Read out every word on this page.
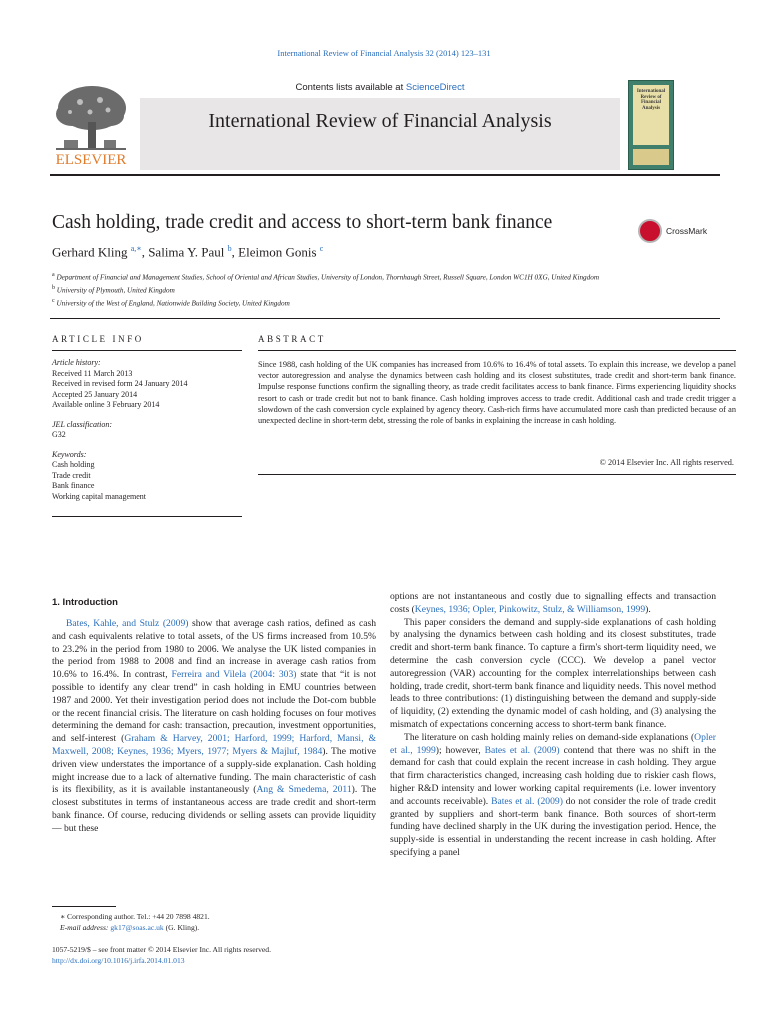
International Review of Financial Analysis 32 (2014) 123–131
ELSEVIER
Contents lists available at ScienceDirect
International Review of Financial Analysis
International Review of Financial Analysis
Cash holding, trade credit and access to short-term bank finance	CrossMark
Gerhard Kling $^{a,∗}$, Salima Y. Paul $^b$, Eleimon Gonis $^c$
$^a$ Department of Financial and Management Studies, School of Oriental and African Studies, University of London, Thornhaugh Street, Russell Square, London WC1H 0XG, United Kingdom
$^b$ University of Plymouth, United Kingdom
$^c$ University of the West of England, Nationwide Building Society, United Kingdom
ARTICLE INFO	ABSTRACT
Article history:
Received 11 March 2013
Received in revised form 24 January 2014
Accepted 25 January 2014
Available online 3 February 2014
JEL classification:
G32
Keywords:
Cash holding
Trade credit
Bank finance
Working capital management
Since 1988, cash holding of the UK companies has increased from 10.6% to 16.4% of total assets. To explain this increase, we develop a panel vector autoregression and analyse the dynamics between cash holding and its closest substitutes, trade credit and short-term bank finance. Impulse response functions confirm the signalling theory, as trade credit facilitates access to bank finance. Firms experiencing liquidity shocks resort to cash or trade credit but not to bank finance. Cash holding improves access to trade credit. Additional cash and trade credit trigger a slowdown of the cash conversion cycle explained by agency theory. Cash-rich firms have accumulated more cash than predicted because of an unexpected decline in short-term debt, stressing the role of banks in explaining the increase in cash holding.
© 2014 Elsevier Inc. All rights reserved.
1. Introduction

Bates, Kahle, and Stulz (2009) show that average cash ratios, defined as cash and cash equivalents relative to total assets, of the US firms increased from 10.5% to 23.2% in the period from 1980 to 2006. We analyse the UK listed companies in the period from 1988 to 2008 and find an increase in average cash ratios from 10.6% to 16.4%. In contrast, Ferreira and Vilela (2004: 303) state that “it is not possible to identify any clear trend” in cash holding in EMU countries between 1987 and 2000. Yet their investigation period does not include the Dot-com bubble or the recent financial crisis. The literature on cash holding focuses on four motives determining the demand for cash: transaction, precaution, investment opportunities, and self-interest (Graham & Harvey, 2001; Harford, 1999; Harford, Mansi, & Maxwell, 2008; Keynes, 1936; Myers, 1977; Myers & Majluf, 1984). The motive driven view understates the importance of a supply-side explanation. Cash holding might increase due to a lack of alternative funding. The main characteristic of cash is its flexibility, as it is available instantaneously (Ang & Smedema, 2011). The closest substitutes in terms of instantaneous access are trade credit and short-term bank finance. Of course, reducing dividends or selling assets can provide liquidity — but these

options are not instantaneous and costly due to signalling effects and transaction costs (Keynes, 1936; Opler, Pinkowitz, Stulz, & Williamson, 1999).

This paper considers the demand and supply-side explanations of cash holding by analysing the dynamics between cash holding and its closest substitutes, trade credit and short-term bank finance. To capture a firm's short-term liquidity need, we determine the cash conversion cycle (CCC). We develop a panel vector autoregression (VAR) accounting for the complex interrelationships between cash holding, trade credit, short-term bank finance and liquidity needs. This novel method leads to three contributions: (1) distinguishing between the demand and supply-side of liquidity, (2) extending the dynamic model of cash holding, and (3) analysing the mismatch of expectations concerning access to short-term bank finance.

The literature on cash holding mainly relies on demand-side explanations (Opler et al., 1999); however, Bates et al. (2009) contend that there was no shift in the demand for cash that could explain the recent increase in cash holding. They argue that firm characteristics changed, increasing cash holding due to riskier cash flows, higher R&D intensity and lower working capital requirements (i.e. lower inventory and accounts receivable). Bates et al. (2009) do not consider the role of trade credit granted by suppliers and short-term bank finance. Both sources of short-term funding have declined sharply in the UK during the investigation period. Hence, the supply-side is essential in understanding the recent increase in cash holding. After specifying a panel

∗ Corresponding author. Tel.: +44 20 7898 4821.
E-mail address: gk17@soas.ac.uk (G. Kling).
1057-5219/$ – see front matter © 2014 Elsevier Inc. All rights reserved.
http://dx.doi.org/10.1016/j.irfa.2014.01.013
